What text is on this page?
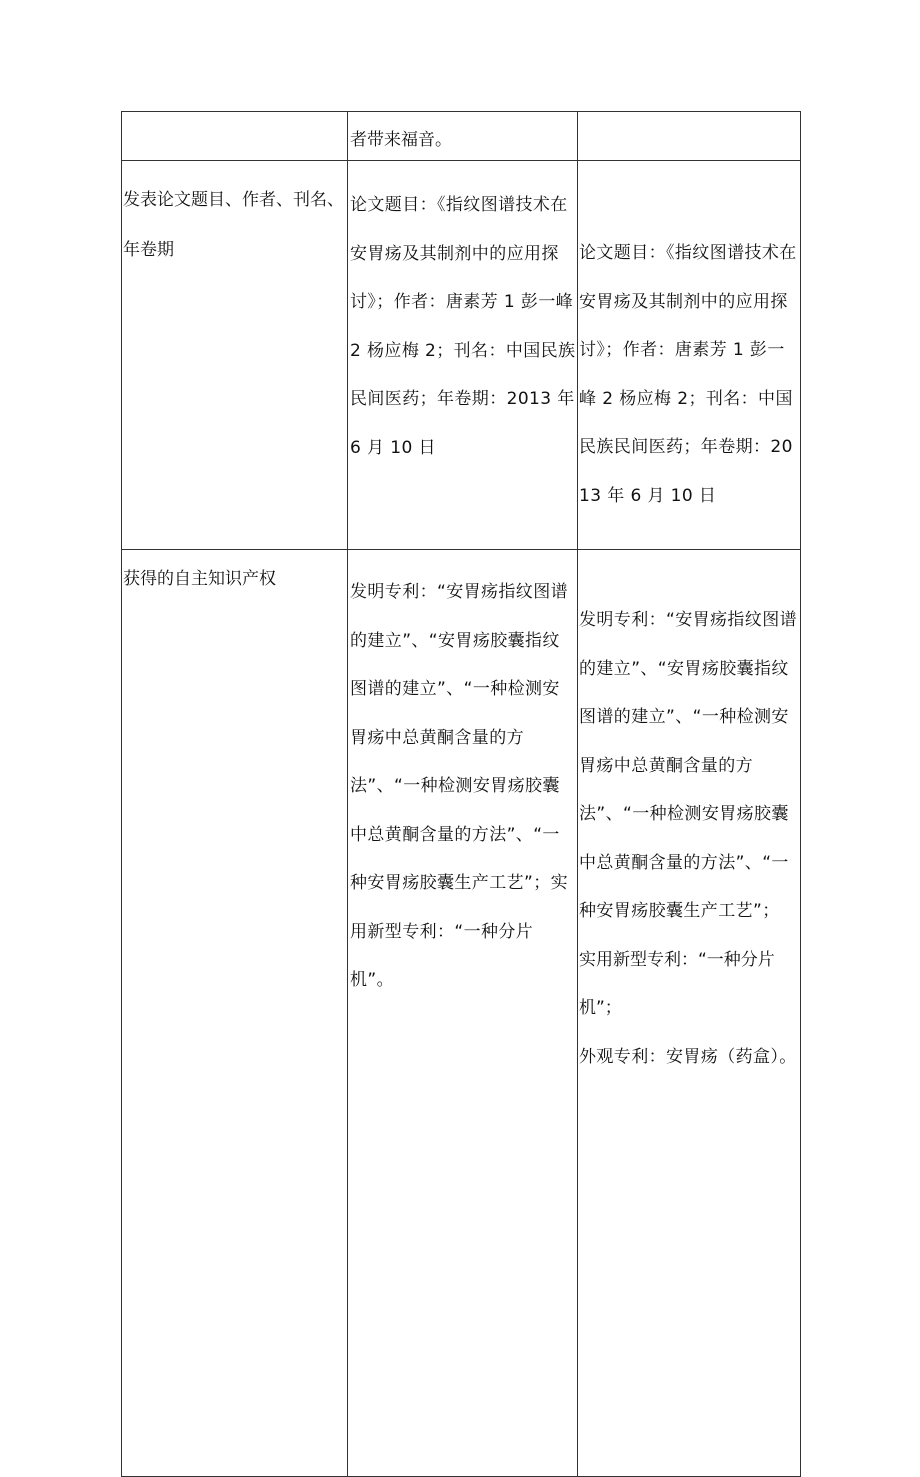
	者带来福音。	

发表论文题目、作者、刊名、年卷期	论文题目：《指纹图谱技术在安胃疡及其制剂中的应用探讨》；作者：唐素芳 1 彭一峰 2 杨应梅 2；刊名：中国民族民间医药；年卷期：2013 年 6 月 10 日	论文题目：《指纹图谱技术在安胃疡及其制剂中的应用探讨》；作者：唐素芳 1 彭一峰 2 杨应梅 2；刊名：中国民族民间医药；年卷期：2013 年 6 月 10 日

获得的自主知识产权	发明专利：“安胃疡指纹图谱的建立”、“安胃疡胶囊指纹图谱的建立”、“一种检测安胃疡中总黄酮含量的方法”、“一种检测安胃疡胶囊中总黄酮含量的方法”、“一种安胃疡胶囊生产工艺”；实用新型专利：“一种分片机”。	发明专利：“安胃疡指纹图谱的建立”、“安胃疡胶囊指纹图谱的建立”、“一种检测安胃疡中总黄酮含量的方法”、“一种检测安胃疡胶囊中总黄酮含量的方法”、“一种安胃疡胶囊生产工艺”；
实用新型专利：“一种分片机”；
外观专利：安胃疡（药盒）。
